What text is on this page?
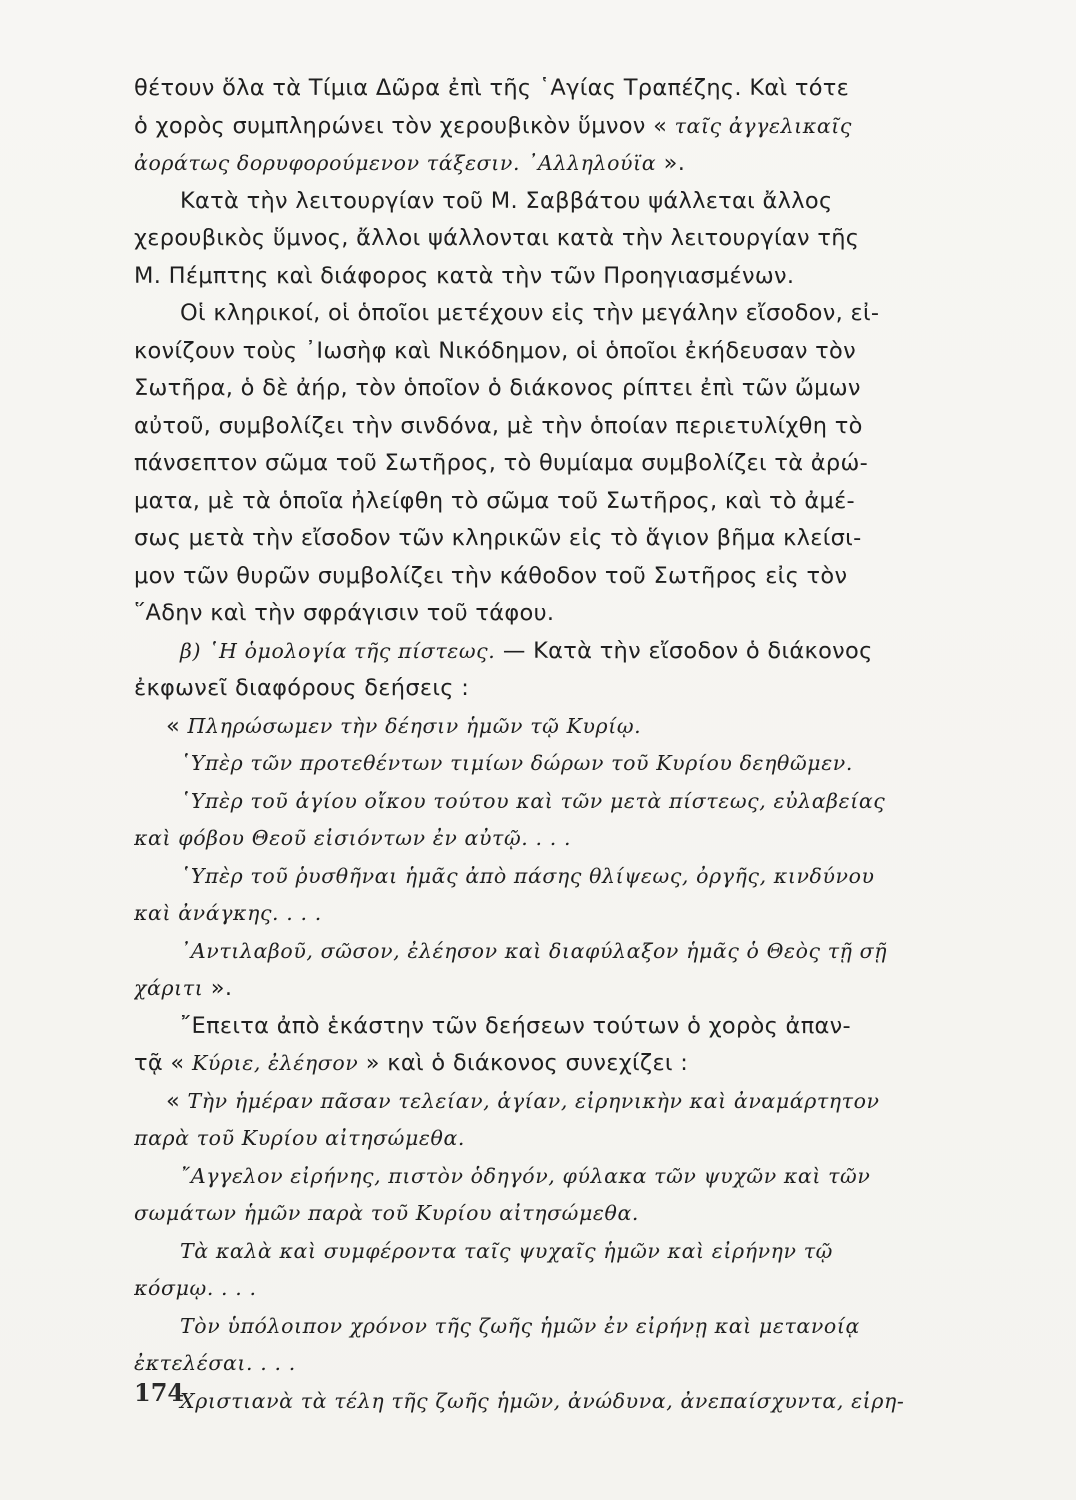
θέτουν ὅλα τὰ Τίμια Δῶρα ἐπὶ τῆς ῾Αγίας Τραπέζης. Καὶ τότε
ὁ χορὸς συμπληρώνει τὸν χερουβικὸν ὕμνον « ταῖς ἀγγελικαῖς
ἀοράτως δορυφορούμενον τάξεσιν. ᾿Αλληλούϊα ».
Κατὰ τὴν λειτουργίαν τοῦ Μ. Σαββάτου ψάλλεται ἄλλος
χερουβικὸς ὕμνος, ἄλλοι ψάλλονται κατὰ τὴν λειτουργίαν τῆς
Μ. Πέμπτης καὶ διάφορος κατὰ τὴν τῶν Προηγιασμένων.
Οἱ κληρικοί, οἱ ὁποῖοι μετέχουν εἰς τὴν μεγάλην εἴσοδον, εἰ-
κονίζουν τοὺς ᾿Ιωσὴφ καὶ Νικόδημον, οἱ ὁποῖοι ἐκήδευσαν τὸν
Σωτῆρα, ὁ δὲ ἀήρ, τὸν ὁποῖον ὁ διάκονος ρίπτει ἐπὶ τῶν ὤμων
αὐτοῦ, συμβολίζει τὴν σινδόνα, μὲ τὴν ὁποίαν περιετυλίχθη τὸ
πάνσεπτον σῶμα τοῦ Σωτῆρος, τὸ θυμίαμα συμβολίζει τὰ ἀρώ-
ματα, μὲ τὰ ὁποῖα ἠλείφθη τὸ σῶμα τοῦ Σωτῆρος, καὶ τὸ ἀμέ-
σως μετὰ τὴν εἴσοδον τῶν κληρικῶν εἰς τὸ ἅγιον βῆμα κλείσι-
μον τῶν θυρῶν συμβολίζει τὴν κάθοδον τοῦ Σωτῆρος εἰς τὸν
῞Αδην καὶ τὴν σφράγισιν τοῦ τάφου.
β) ῾Η ὁμολογία τῆς πίστεως. — Κατὰ τὴν εἴσοδον ὁ διάκονος
ἐκφωνεῖ διαφόρους δεήσεις :
« Πληρώσωμεν τὴν δέησιν ἡμῶν τῷ Κυρίῳ.
῾Υπὲρ τῶν προτεθέντων τιμίων δώρων τοῦ Κυρίου δεηθῶμεν.
῾Υπὲρ τοῦ ἁγίου οἴκου τούτου καὶ τῶν μετὰ πίστεως, εὐλαβείας
καὶ φόβου Θεοῦ εἰσιόντων ἐν αὐτῷ. . . .
῾Υπὲρ τοῦ ῥυσθῆναι ἡμᾶς ἀπὸ πάσης θλίψεως, ὀργῆς, κινδύνου
καὶ ἀνάγκης. . . .
᾿Αντιλαβοῦ, σῶσον, ἐλέησον καὶ διαφύλαξον ἡμᾶς ὁ Θεὸς τῇ σῇ
χάριτι ».
῎Επειτα ἀπὸ ἑκάστην τῶν δεήσεων τούτων ὁ χορὸς ἀπαν-
τᾷ « Κύριε, ἐλέησον » καὶ ὁ διάκονος συνεχίζει :
« Τὴν ἡμέραν πᾶσαν τελείαν, ἁγίαν, εἰρηνικὴν καὶ ἀναμάρτητον
παρὰ τοῦ Κυρίου αἰτησώμεθα.
῎Αγγελον εἰρήνης, πιστὸν ὁδηγόν, φύλακα τῶν ψυχῶν καὶ τῶν
σωμάτων ἡμῶν παρὰ τοῦ Κυρίου αἰτησώμεθα.
Τὰ καλὰ καὶ συμφέροντα ταῖς ψυχαῖς ἡμῶν καὶ εἰρήνην τῷ
κόσμῳ. . . .
Τὸν ὑπόλοιπον χρόνον τῆς ζωῆς ἡμῶν ἐν εἰρήνῃ καὶ μετανοίᾳ
ἐκτελέσαι. . . .
Χριστιανὰ τὰ τέλη τῆς ζωῆς ἡμῶν, ἀνώδυνα, ἀνεπαίσχυντα, εἰρη-
174
